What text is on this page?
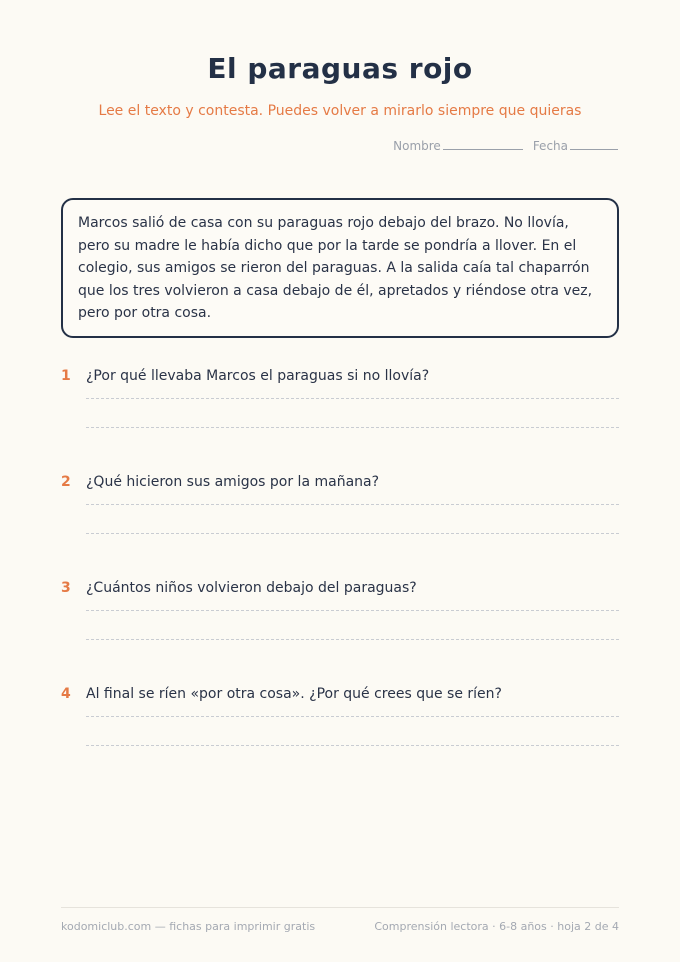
El paraguas rojo
Lee el texto y contesta. Puedes volver a mirarlo siempre que quieras
Nombre	Fecha
Marcos salió de casa con su paraguas rojo debajo del brazo. No llovía, pero su madre le había dicho que por la tarde se pondría a llover. En el colegio, sus amigos se rieron del paraguas. A la salida caía tal chaparrón que los tres volvieron a casa debajo de él, apretados y riéndose otra vez, pero por otra cosa.
1 ¿Por qué llevaba Marcos el paraguas si no llovía?
2 ¿Qué hicieron sus amigos por la mañana?
3 ¿Cuántos niños volvieron debajo del paraguas?
4 Al final se ríen «por otra cosa». ¿Por qué crees que se ríen?
kodomiclub.com — fichas para imprimir gratis	Comprensión lectora · 6-8 años · hoja 2 de 4
